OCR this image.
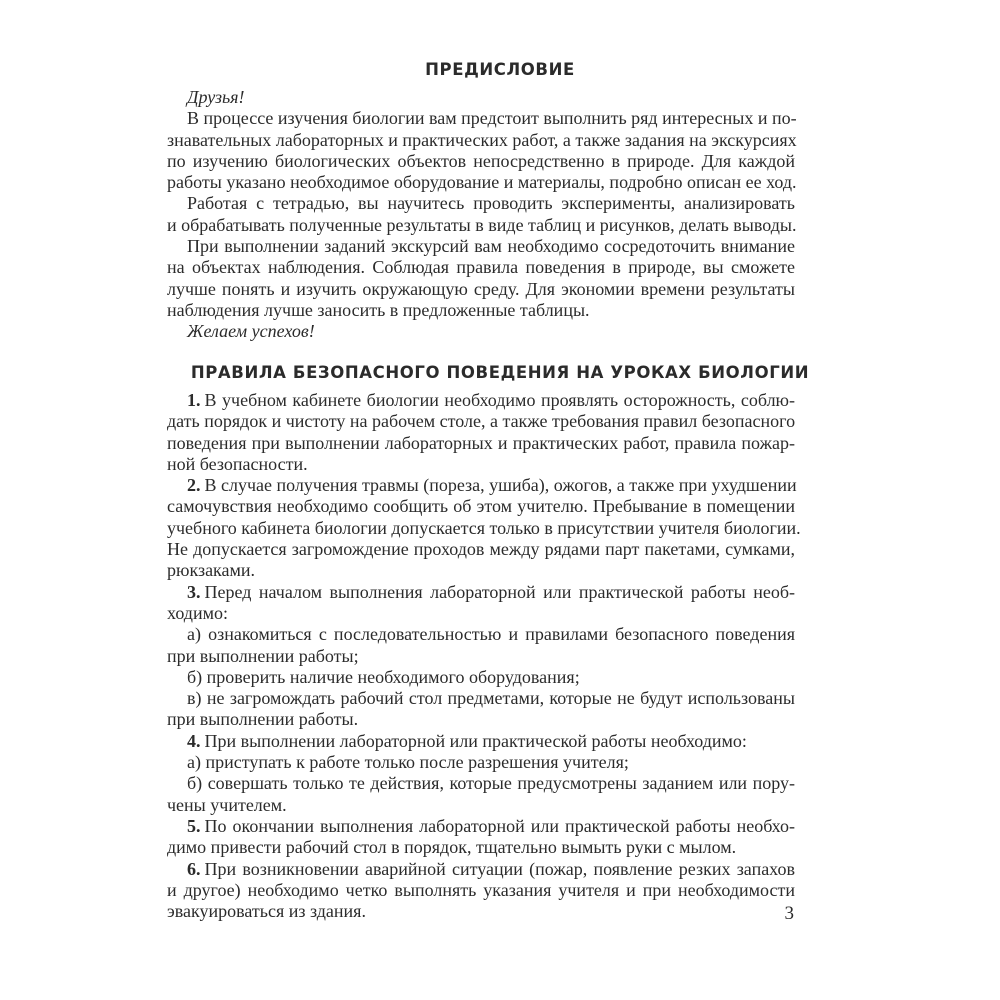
ПРЕДИСЛОВИЕ
Друзья!
В процессе изучения биологии вам предстоит выполнить ряд интересных и по-
знавательных лабораторных и практических работ, а также задания на экскурсиях
по изучению биологических объектов непосредственно в природе. Для каждой
работы указано необходимое оборудование и материалы, подробно описан ее ход.
Работая с тетрадью, вы научитесь проводить эксперименты, анализировать
и обрабатывать полученные результаты в виде таблиц и рисунков, делать выводы.
При выполнении заданий экскурсий вам необходимо сосредоточить внимание
на объектах наблюдения. Соблюдая правила поведения в природе, вы сможете
лучше понять и изучить окружающую среду. Для экономии времени результаты
наблюдения лучше заносить в предложенные таблицы.
Желаем успехов!
ПРАВИЛА БЕЗОПАСНОГО ПОВЕДЕНИЯ НА УРОКАХ БИОЛОГИИ
1. В учебном кабинете биологии необходимо проявлять осторожность, соблю-
дать порядок и чистоту на рабочем столе, а также требования правил безопасного
поведения при выполнении лабораторных и практических работ, правила пожар-
ной безопасности.
2. В случае получения травмы (пореза, ушиба), ожогов, а также при ухудшении
самочувствия необходимо сообщить об этом учителю. Пребывание в помещении
учебного кабинета биологии допускается только в присутствии учителя биологии.
Не допускается загромождение проходов между рядами парт пакетами, сумками,
рюкзаками.
3. Перед началом выполнения лабораторной или практической работы необ-
ходимо:
а) ознакомиться с последовательностью и правилами безопасного поведения
при выполнении работы;
б) проверить наличие необходимого оборудования;
в) не загромождать рабочий стол предметами, которые не будут использованы
при выполнении работы.
4. При выполнении лабораторной или практической работы необходимо:
а) приступать к работе только после разрешения учителя;
б) совершать только те действия, которые предусмотрены заданием или пору-
чены учителем.
5. По окончании выполнения лабораторной или практической работы необхо-
димо привести рабочий стол в порядок, тщательно вымыть руки с мылом.
6. При возникновении аварийной ситуации (пожар, появление резких запахов
и другое) необходимо четко выполнять указания учителя и при необходимости
эвакуироваться из здания.	3
